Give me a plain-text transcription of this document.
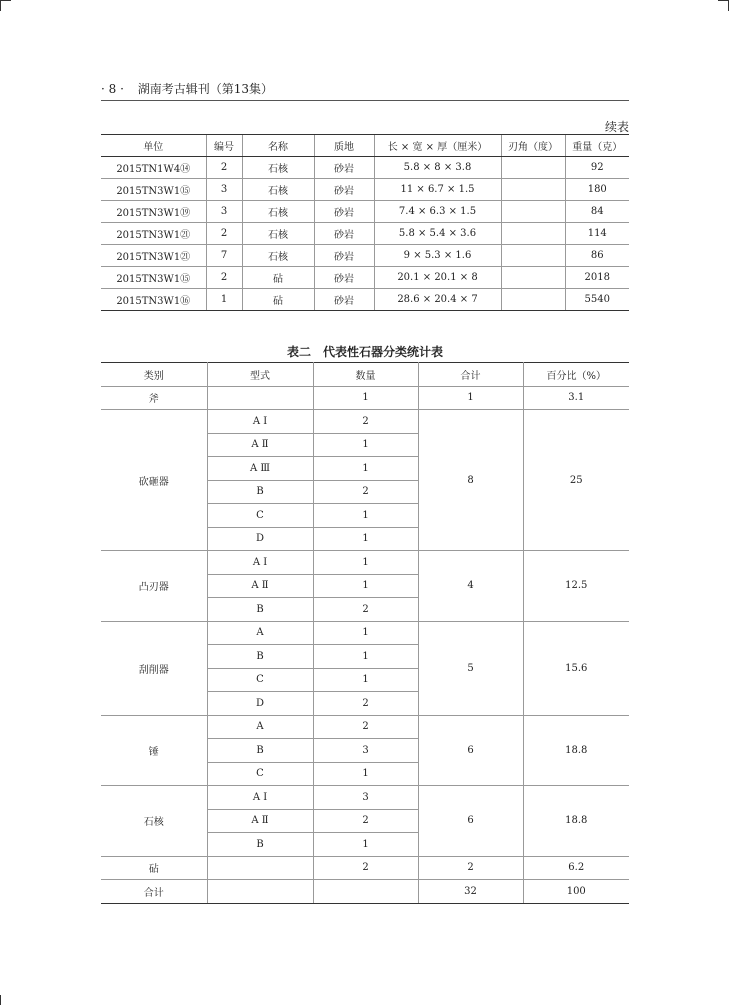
· 8 · 湖南考古辑刊（第13集）
续表
单位	编号	名称	质地	长 × 宽 × 厚（厘米）	刃角（度）	重量（克）
2015TN1W4⑭	2	石核	砂岩	5.8 × 8 × 3.8		92
2015TN3W1⑮	3	石核	砂岩	11 × 6.7 × 1.5		180
2015TN3W1⑲	3	石核	砂岩	7.4 × 6.3 × 1.5		84
2015TN3W1㉑	2	石核	砂岩	5.8 × 5.4 × 3.6		114
2015TN3W1㉑	7	石核	砂岩	9 × 5.3 × 1.6		86
2015TN3W1⑮	2	砧	砂岩	20.1 × 20.1 × 8		2018
2015TN3W1⑯	1	砧	砂岩	28.6 × 20.4 × 7		5540
表二　代表性石器分类统计表
类别	型式	数量	合计	百分比（%）
斧		1	1	3.1
砍砸器	A Ⅰ	2	8	25
	A Ⅱ	1		
	A Ⅲ	1		
	B	2		
	C	1		
	D	1		
凸刃器	A Ⅰ	1	4	12.5
	A Ⅱ	1		
	B	2		
刮削器	A	1	5	15.6
	B	1		
	C	1		
	D	2		
锤	A	2	6	18.8
	B	3		
	C	1		
石核	A Ⅰ	3	6	18.8
	A Ⅱ	2		
	B	1		
砧		2	2	6.2
合计			32	100
